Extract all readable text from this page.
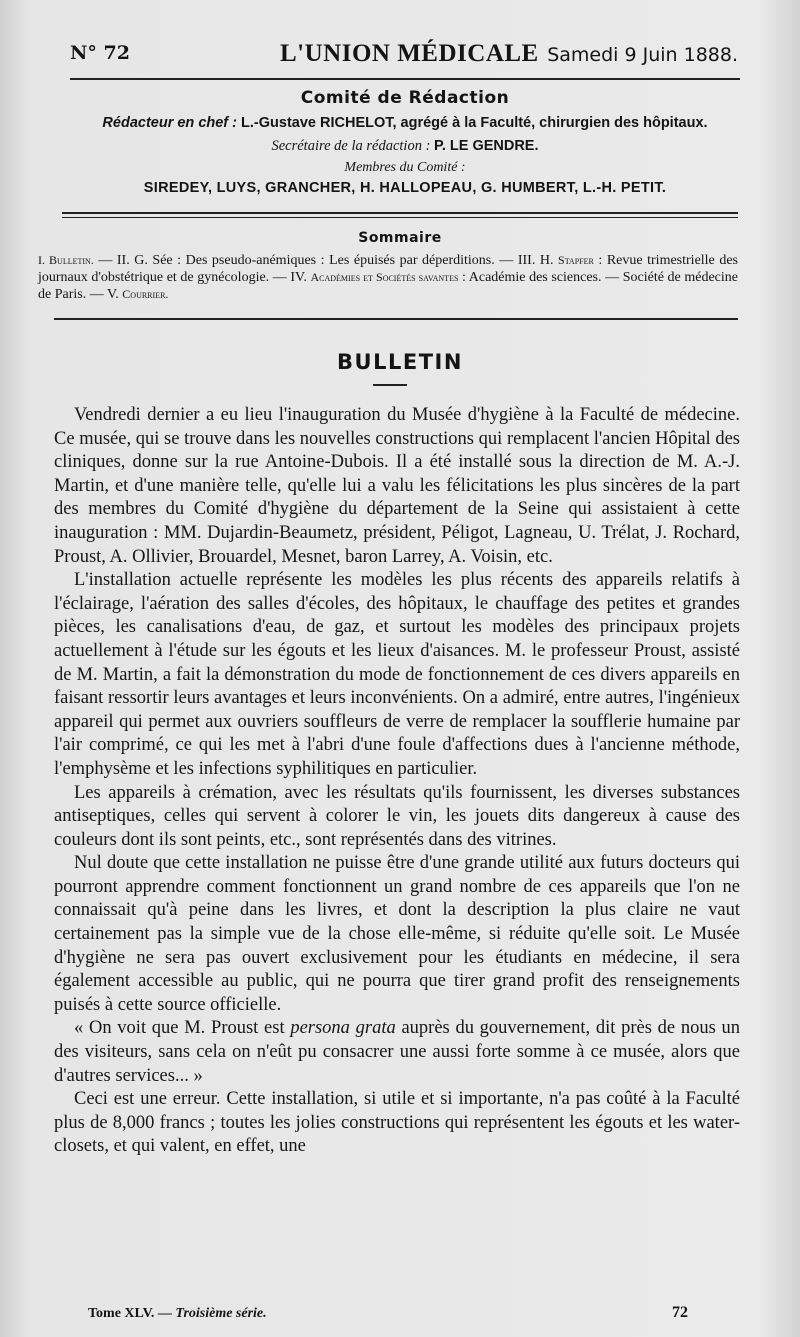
N° 72	L'UNION MÉDICALE Samedi 9 Juin 1888.
Comité de Rédaction
Rédacteur en chef : L.-Gustave RICHELOT, agrégé à la Faculté, chirurgien des hôpitaux.
Secrétaire de la rédaction : P. LE GENDRE.
Membres du Comité :
SIREDEY, LUYS, GRANCHER, H. HALLOPEAU, G. HUMBERT, L.-H. PETIT.
Sommaire
I. Bulletin. — II. G. Sée : Des pseudo-anémiques : Les épuisés par déperditions. — III. H. Stapfer : Revue trimestrielle des journaux d'obstétrique et de gynécologie. — IV. Académies et Sociétés savantes : Académie des sciences. — Société de médecine de Paris. — V. Courrier.
BULLETIN

Vendredi dernier a eu lieu l'inauguration du Musée d'hygiène à la Faculté de médecine. Ce musée, qui se trouve dans les nouvelles constructions qui remplacent l'ancien Hôpital des cliniques, donne sur la rue Antoine-Dubois. Il a été installé sous la direction de M. A.-J. Martin, et d'une manière telle, qu'elle lui a valu les félicitations les plus sincères de la part des membres du Comité d'hygiène du département de la Seine qui assistaient à cette inauguration : MM. Dujardin-Beaumetz, président, Péligot, Lagneau, U. Trélat, J. Rochard, Proust, A. Ollivier, Brouardel, Mesnet, baron Larrey, A. Voisin, etc.

L'installation actuelle représente les modèles les plus récents des appareils relatifs à l'éclairage, l'aération des salles d'écoles, des hôpitaux, le chauffage des petites et grandes pièces, les canalisations d'eau, de gaz, et surtout les modèles des principaux projets actuellement à l'étude sur les égouts et les lieux d'aisances. M. le professeur Proust, assisté de M. Martin, a fait la démonstration du mode de fonctionnement de ces divers appareils en faisant ressortir leurs avantages et leurs inconvénients. On a admiré, entre autres, l'ingénieux appareil qui permet aux ouvriers souffleurs de verre de remplacer la soufflerie humaine par l'air comprimé, ce qui les met à l'abri d'une foule d'affections dues à l'ancienne méthode, l'emphysème et les infections syphilitiques en particulier.

Les appareils à crémation, avec les résultats qu'ils fournissent, les diverses substances antiseptiques, celles qui servent à colorer le vin, les jouets dits dangereux à cause des couleurs dont ils sont peints, etc., sont représentés dans des vitrines.

Nul doute que cette installation ne puisse être d'une grande utilité aux futurs docteurs qui pourront apprendre comment fonctionnent un grand nombre de ces appareils que l'on ne connaissait qu'à peine dans les livres, et dont la description la plus claire ne vaut certainement pas la simple vue de la chose elle-même, si réduite qu'elle soit. Le Musée d'hygiène ne sera pas ouvert exclusivement pour les étudiants en médecine, il sera également accessible au public, qui ne pourra que tirer grand profit des renseignements puisés à cette source officielle.

« On voit que M. Proust est persona grata auprès du gouvernement, dit près de nous un des visiteurs, sans cela on n'eût pu consacrer une aussi forte somme à ce musée, alors que d'autres services... »

Ceci est une erreur. Cette installation, si utile et si importante, n'a pas coûté à la Faculté plus de 8,000 francs ; toutes les jolies constructions qui représentent les égouts et les water-closets, et qui valent, en effet, une

Tome XLV. — Troisième série.	72
